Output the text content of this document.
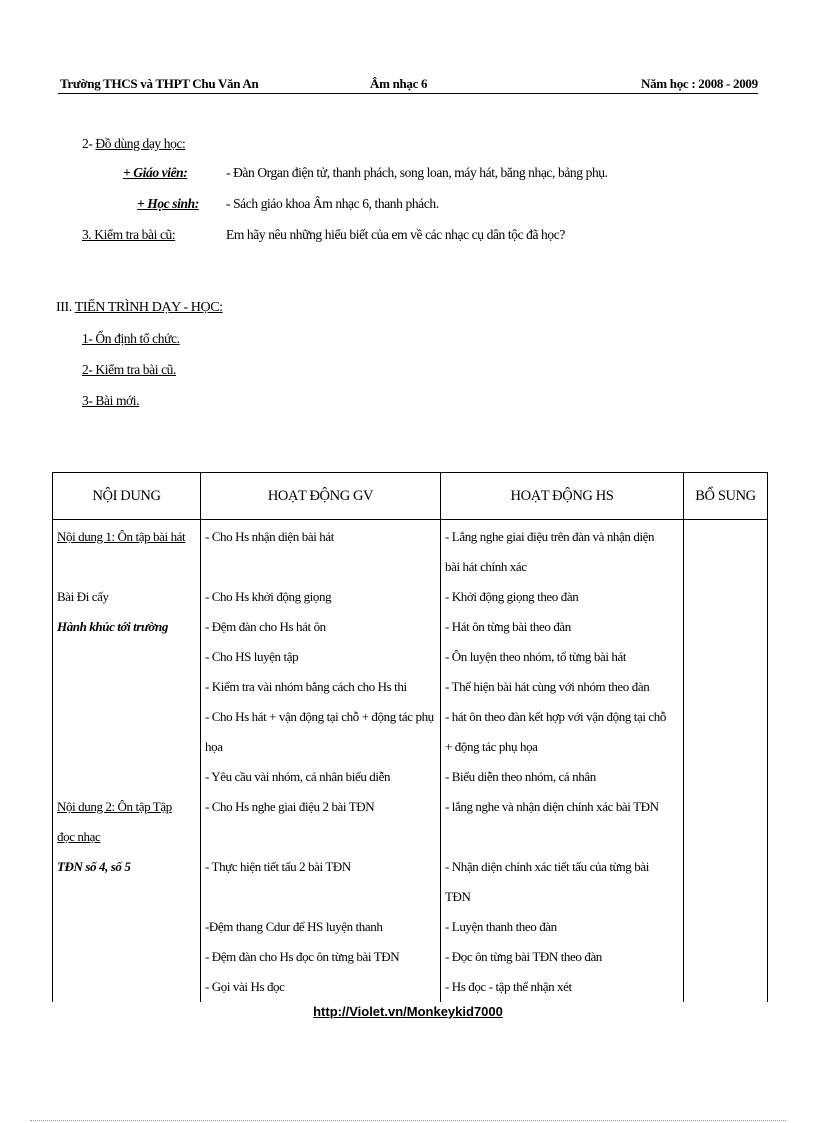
Trường THCS và THPT Chu Văn An	Âm nhạc 6	Năm học : 2008 - 2009
2- Đồ dùng dạy học:
+ Giáo viên:	- Đàn Organ điện tử, thanh phách, song loan, máy hát, băng nhạc, bảng phụ.
+ Học sinh: - Sách giáo khoa Âm nhạc 6, thanh phách.
3. Kiểm tra bài cũ:	Em hãy nêu những hiểu biết của em về các nhạc cụ dân tộc đã học?
III. TIẾN TRÌNH DẠY - HỌC:
1- Ổn định tổ chức.
2- Kiểm tra bài cũ.
3- Bài mới.
NỘI DUNG	HOẠT ĐỘNG GV	HOẠT ĐỘNG HS	BỔ SUNG
Nội dung 1: Ôn tập bài hát	- Cho Hs nhận diện bài hát	- Lắng nghe giai điệu trên đàn và nhận diện	
		bài hát chính xác	
Bài Đi cấy	- Cho Hs khởi động giọng	- Khởi động giọng theo đàn	
Hành khúc tới trường	- Đệm đàn cho Hs hát ôn	- Hát ôn từng bài theo đàn	
	- Cho HS luyện tập	- Ôn luyện theo nhóm, tổ từng bài hát	
	- Kiểm tra vài nhóm bằng cách cho Hs thi	- Thể hiện bài hát cùng với nhóm theo đàn	
	- Cho Hs hát + vận động tại chỗ + động tác phụ	- hát ôn theo đàn kết hợp với vận động tại chỗ	
	họa	+ động tác phụ họa	
	- Yêu cầu vài nhóm, cá nhân biểu diễn	- Biểu diễn theo nhóm, cá nhân	
Nội dung 2: Ôn tập Tập	- Cho Hs nghe giai điệu 2 bài TĐN	- lắng nghe và nhận diện chính xác bài TĐN	
đọc nhạc			
TĐN số 4, số 5	- Thực hiện tiết tấu 2 bài TĐN	- Nhận diện chính xác tiết tấu của từng bài	
		TĐN	
	-Đệm thang Cdur để HS luyện thanh	- Luyện thanh theo đàn	
	- Đệm đàn cho Hs đọc ôn từng bài TĐN	- Đọc ôn từng bài TĐN theo đàn	
	- Gọi vài Hs đọc	- Hs đọc - tập thể nhận xét	
http://Violet.vn/Monkeykid7000
